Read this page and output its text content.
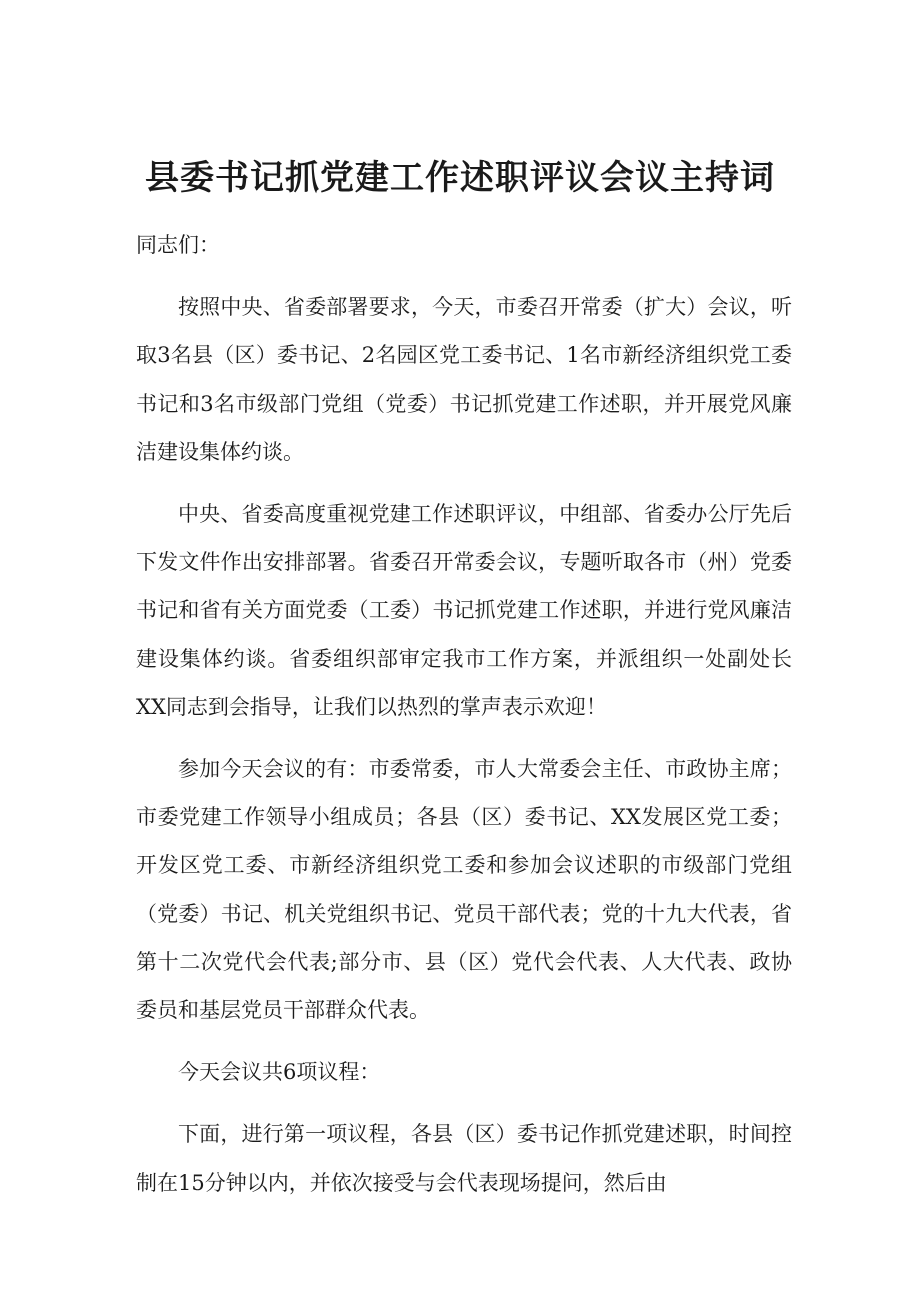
县委书记抓党建工作述职评议会议主持词

同志们：

按照中央、省委部署要求，今天，市委召开常委（扩大）会议，听取3名县（区）委书记、2名园区党工委书记、1名市新经济组织党工委书记和3名市级部门党组（党委）书记抓党建工作述职，并开展党风廉洁建设集体约谈。

中央、省委高度重视党建工作述职评议，中组部、省委办公厅先后下发文件作出安排部署。省委召开常委会议，专题听取各市（州）党委书记和省有关方面党委（工委）书记抓党建工作述职，并进行党风廉洁建设集体约谈。省委组织部审定我市工作方案，并派组织一处副处长XX同志到会指导，让我们以热烈的掌声表示欢迎！

参加今天会议的有：市委常委，市人大常委会主任、市政协主席；市委党建工作领导小组成员；各县（区）委书记、XX发展区党工委；开发区党工委、市新经济组织党工委和参加会议述职的市级部门党组（党委）书记、机关党组织书记、党员干部代表；党的十九大代表，省第十二次党代会代表;部分市、县（区）党代会代表、人大代表、政协委员和基层党员干部群众代表。

今天会议共6项议程：

下面，进行第一项议程，各县（区）委书记作抓党建述职，时间控制在15分钟以内，并依次接受与会代表现场提问，然后由
